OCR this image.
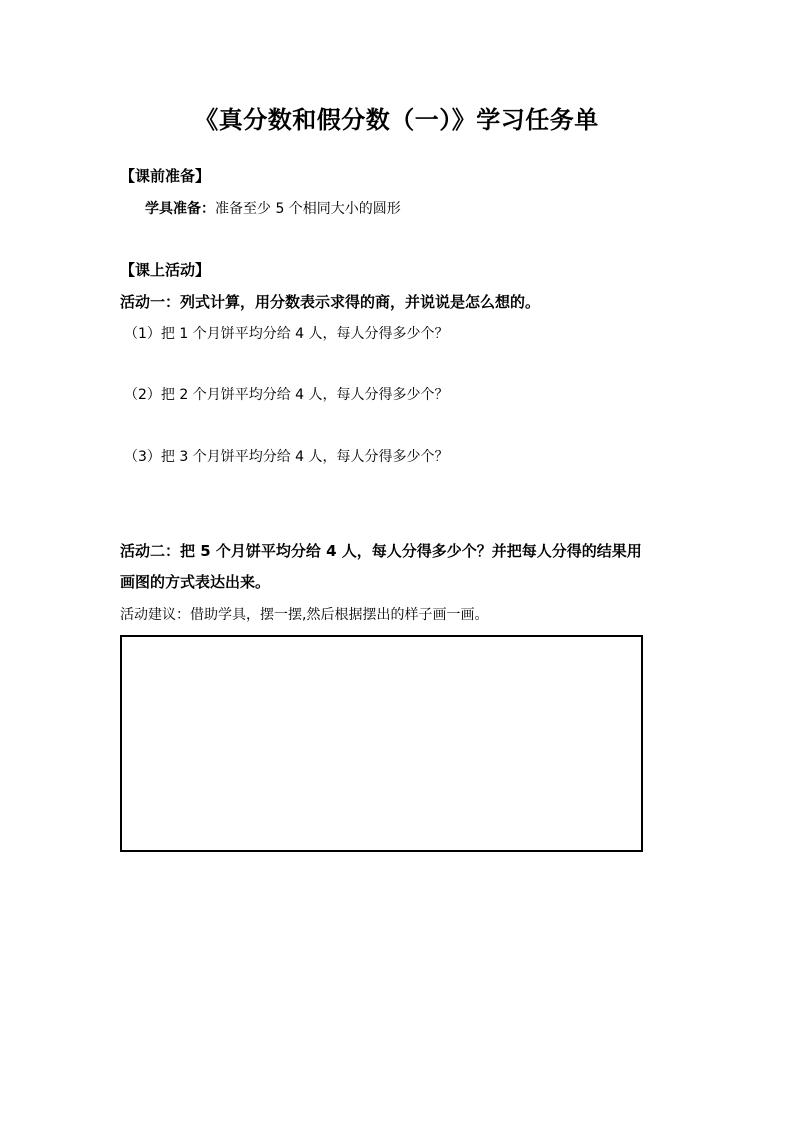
《真分数和假分数（一）》学习任务单
【课前准备】
学具准备：准备至少 5 个相同大小的圆形
【课上活动】
活动一：列式计算，用分数表示求得的商，并说说是怎么想的。
（1）把 1 个月饼平均分给 4 人，每人分得多少个？
（2）把 2 个月饼平均分给 4 人，每人分得多少个？
（3）把 3 个月饼平均分给 4 人，每人分得多少个？
活动二：把 5 个月饼平均分给 4 人，每人分得多少个？并把每人分得的结果用
画图的方式表达出来。
活动建议：借助学具，摆一摆,然后根据摆出的样子画一画。
